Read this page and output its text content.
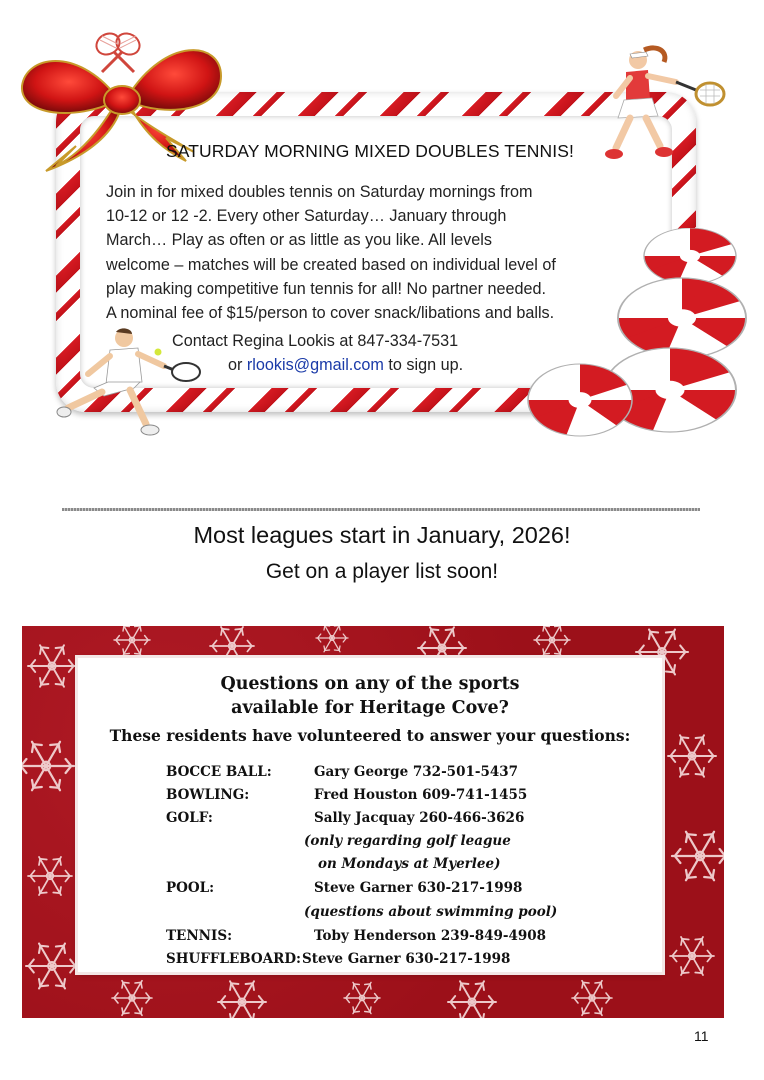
SATURDAY MORNING MIXED DOUBLES TENNIS!
Join in for mixed doubles tennis on Saturday mornings from
10-12 or 12 -2. Every other Saturday… January through
March… Play as often or as little as you like. All levels
welcome – matches will be created based on individual level of
play making competitive fun tennis for all! No partner needed.
A nominal fee of $15/person to cover snack/libations and balls.
Contact Regina Lookis at 847-334-7531
or rlookis@gmail.com to sign up.
Most leagues start in January, 2026!
Get on a player list soon!
Questions on any of the sports
available for Heritage Cove?
These residents have volunteered to answer your questions:
BOCCE BALL:	Gary George 732-501-5437
BOWLING:	Fred Houston 609-741-1455
GOLF:	Sally Jacquay 260-466-3626
(only regarding golf league
on Mondays at Myerlee)
POOL:	Steve Garner 630-217-1998
(questions about swimming pool)
TENNIS:	Toby Henderson 239-849-4908
SHUFFLEBOARD: Steve Garner 630-217-1998
11
